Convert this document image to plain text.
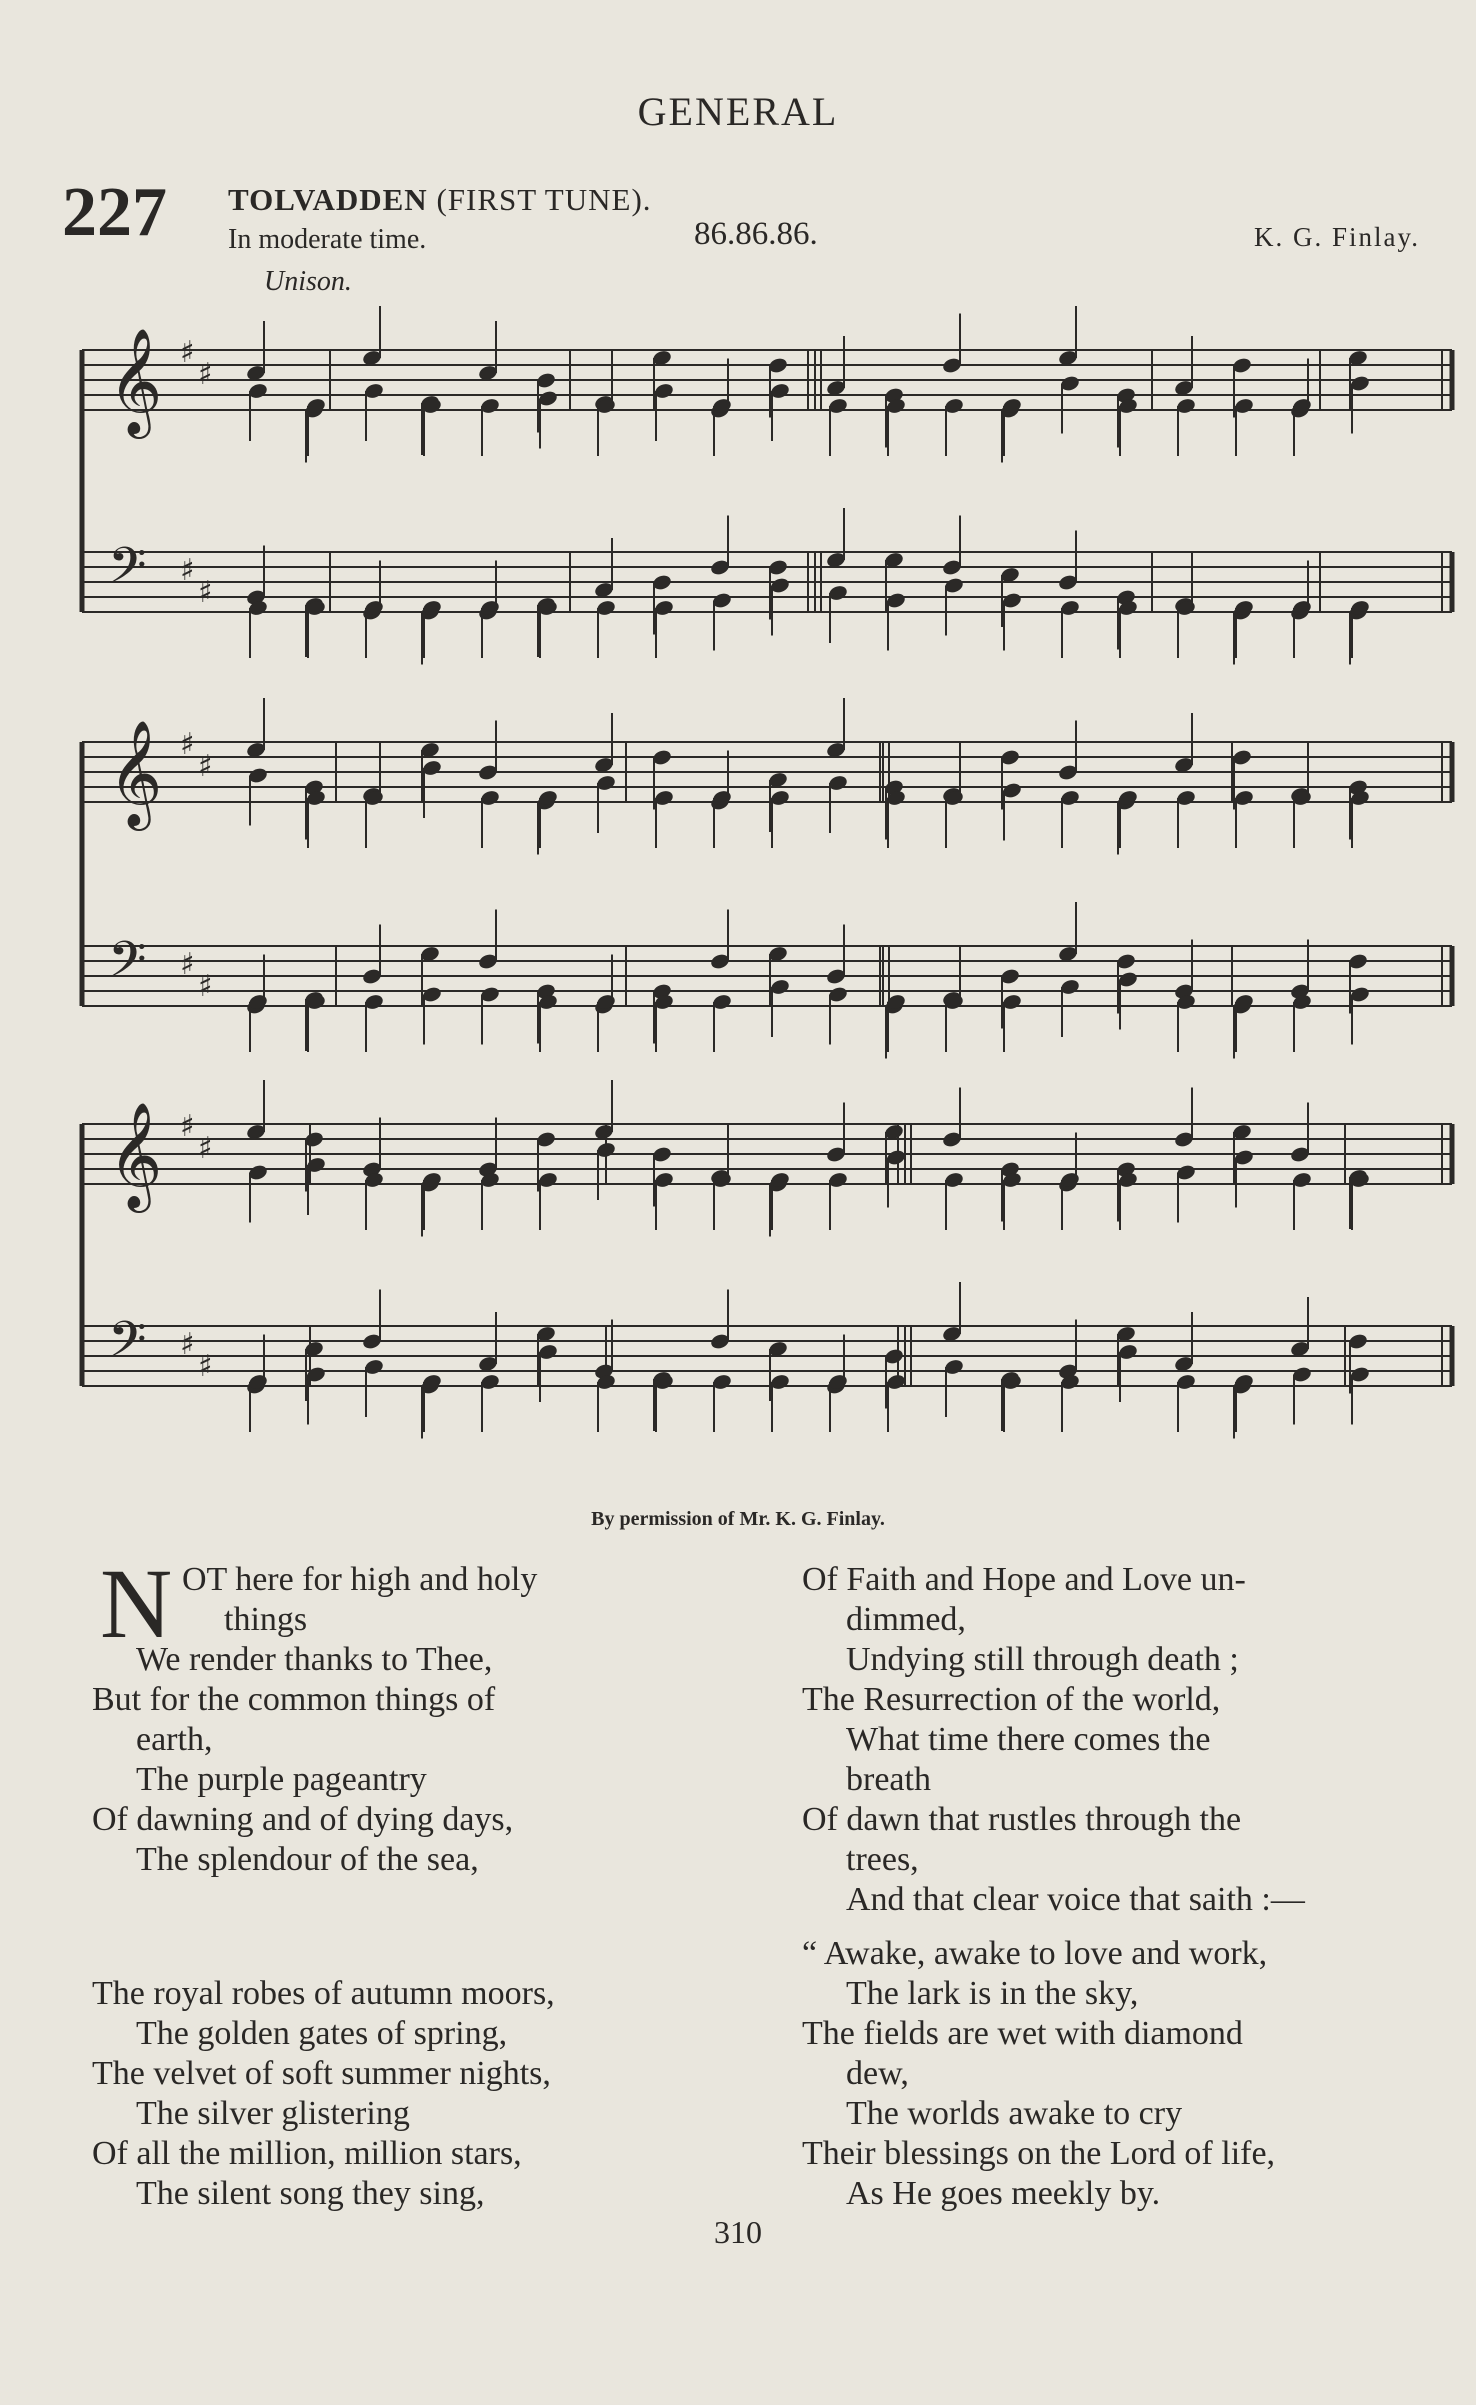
GENERAL
227 TOLVADDEN (FIRST TUNE).
In moderate time.	86.86.86.	K. G. Finlay.
Unison.
𝄞 ♯
♯
𝄢 ♯
♯
𝄞 ♯
♯
𝄢 ♯
♯
𝄞 ♯
♯
𝄢 ♯
♯
By permission of Mr. K. G. Finlay.
N OT here for high and holy
things
We render thanks to Thee,
But for the common things of
earth,
The purple pageantry
Of dawning and of dying days,
The splendour of the sea,
The royal robes of autumn moors,
The golden gates of spring,
The velvet of soft summer nights,
The silver glistering
Of all the million, million stars,
The silent song they sing,
Of Faith and Hope and Love un-
dimmed,
Undying still through death ;
The Resurrection of the world,
What time there comes the
breath
Of dawn that rustles through the
trees,
And that clear voice that saith :—
“ Awake, awake to love and work,
The lark is in the sky,
The fields are wet with diamond
dew,
The worlds awake to cry
Their blessings on the Lord of life,
As He goes meekly by.
310
